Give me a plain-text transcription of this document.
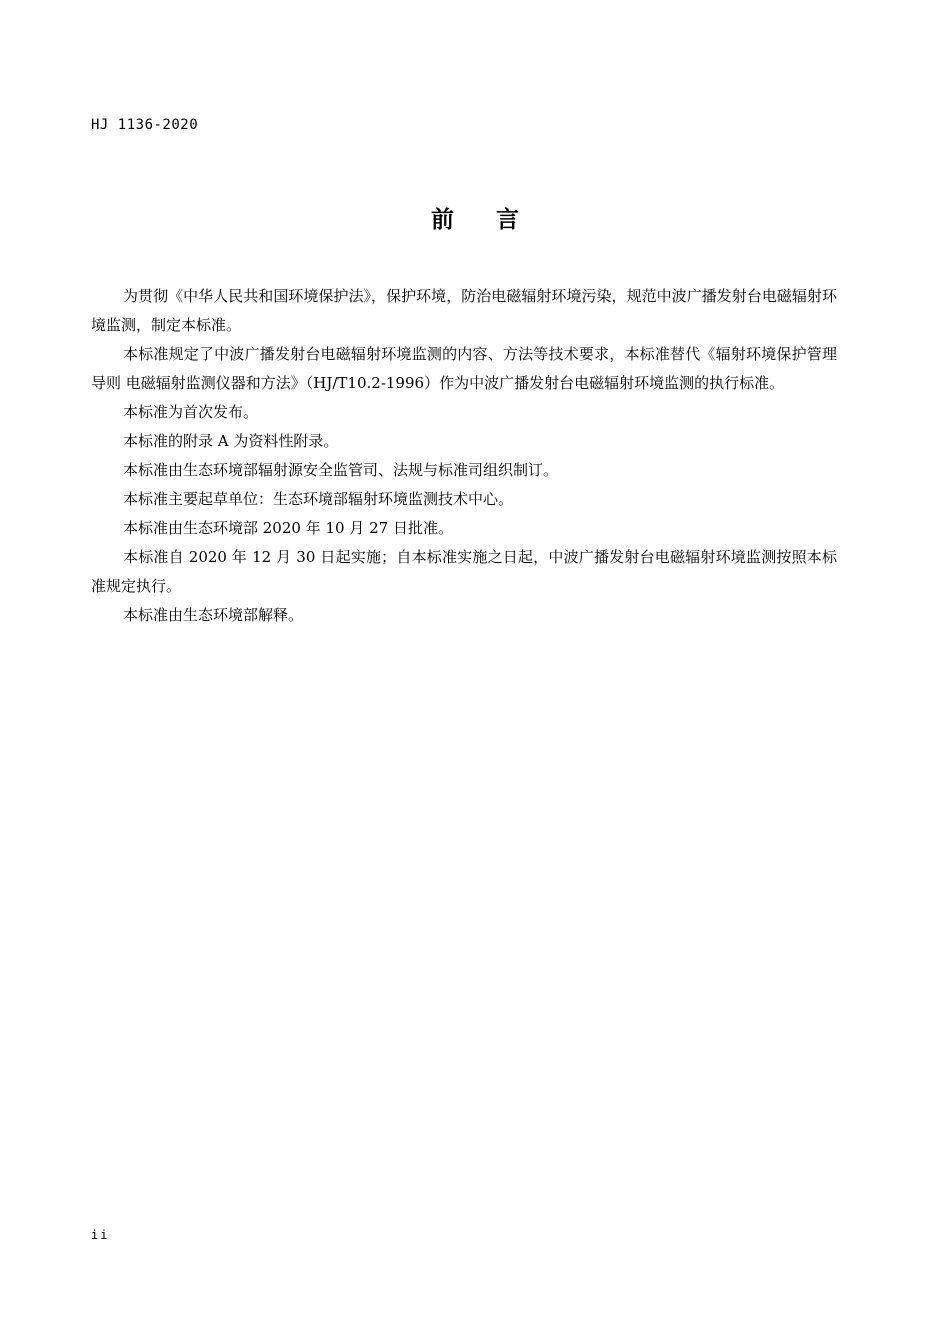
HJ 1136-2020
前 言

为贯彻《中华人民共和国环境保护法》，保护环境，防治电磁辐射环境污染，规范中波广播发射台电磁辐射环境监测，制定本标准。

本标准规定了中波广播发射台电磁辐射环境监测的内容、方法等技术要求，本标准替代《辐射环境保护管理导则 电磁辐射监测仪器和方法》（HJ/T10.2-1996）作为中波广播发射台电磁辐射环境监测的执行标准。

本标准为首次发布。

本标准的附录 A 为资料性附录。

本标准由生态环境部辐射源安全监管司、法规与标准司组织制订。

本标准主要起草单位：生态环境部辐射环境监测技术中心。

本标准由生态环境部 2020 年 10 月 27 日批准。

本标准自 2020 年 12 月 30 日起实施；自本标准实施之日起，中波广播发射台电磁辐射环境监测按照本标准规定执行。

本标准由生态环境部解释。

ii
